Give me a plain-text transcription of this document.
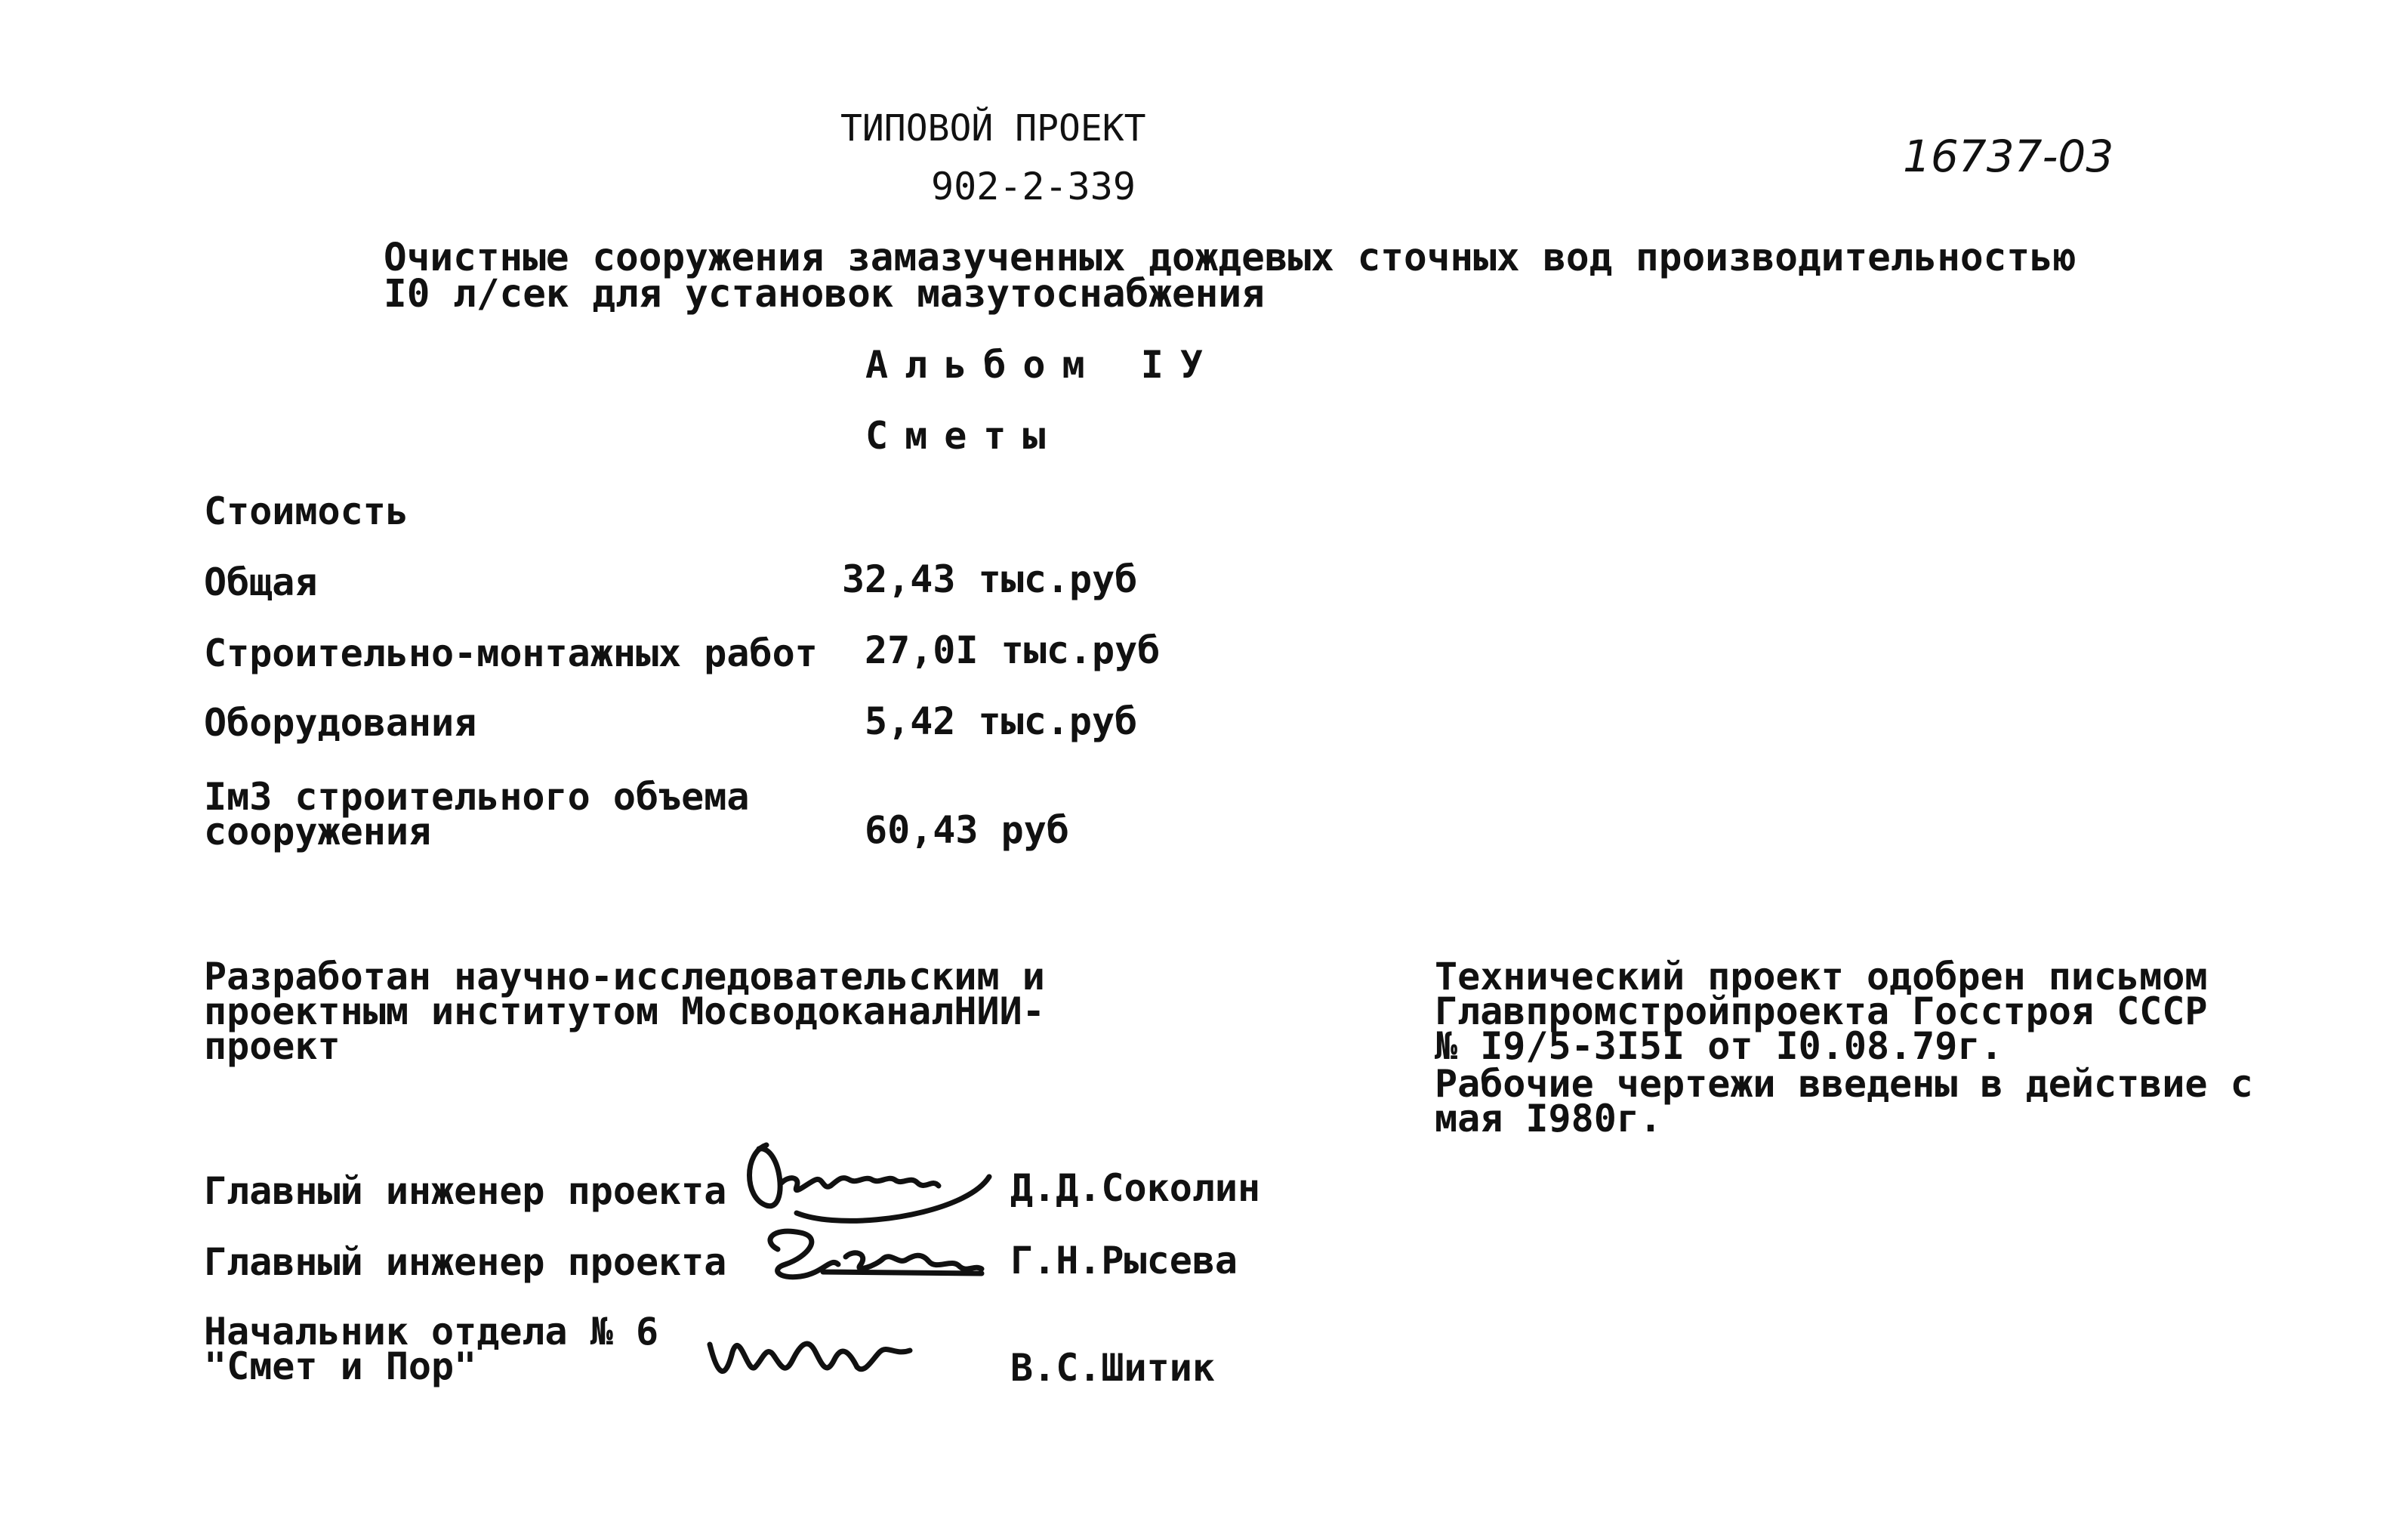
ТИПОВОЙ ПРОЕКТ
902-2-339
16737-03
Очистные сооружения замазученных дождевых сточных вод производительностью
I0 л/сек для установок мазутоснабжения
Альбом IУ
Сметы
Стоимость
Общая	32,43 тыс.руб
Строительно-монтажных работ 27,0I тыс.руб
Оборудования	5,42 тыс.руб
Iм3 строительного объема
сооружения	60,43 руб
Разработан научно-исследовательским и
проектным институтом МосводоканалНИИ-
проект
Технический проект одобрен письмом
Главпромстройпроекта Госстроя СССР
№ I9/5-3I5I от I0.08.79г.
Рабочие чертежи введены в действие с
мая I980г.
Главный инженер проекта	Д.Д.Соколин
Главный инженер проекта	Г.Н.Рысева
Начальник отдела № 6
"Смет и Пор"	В.С.Шитик
